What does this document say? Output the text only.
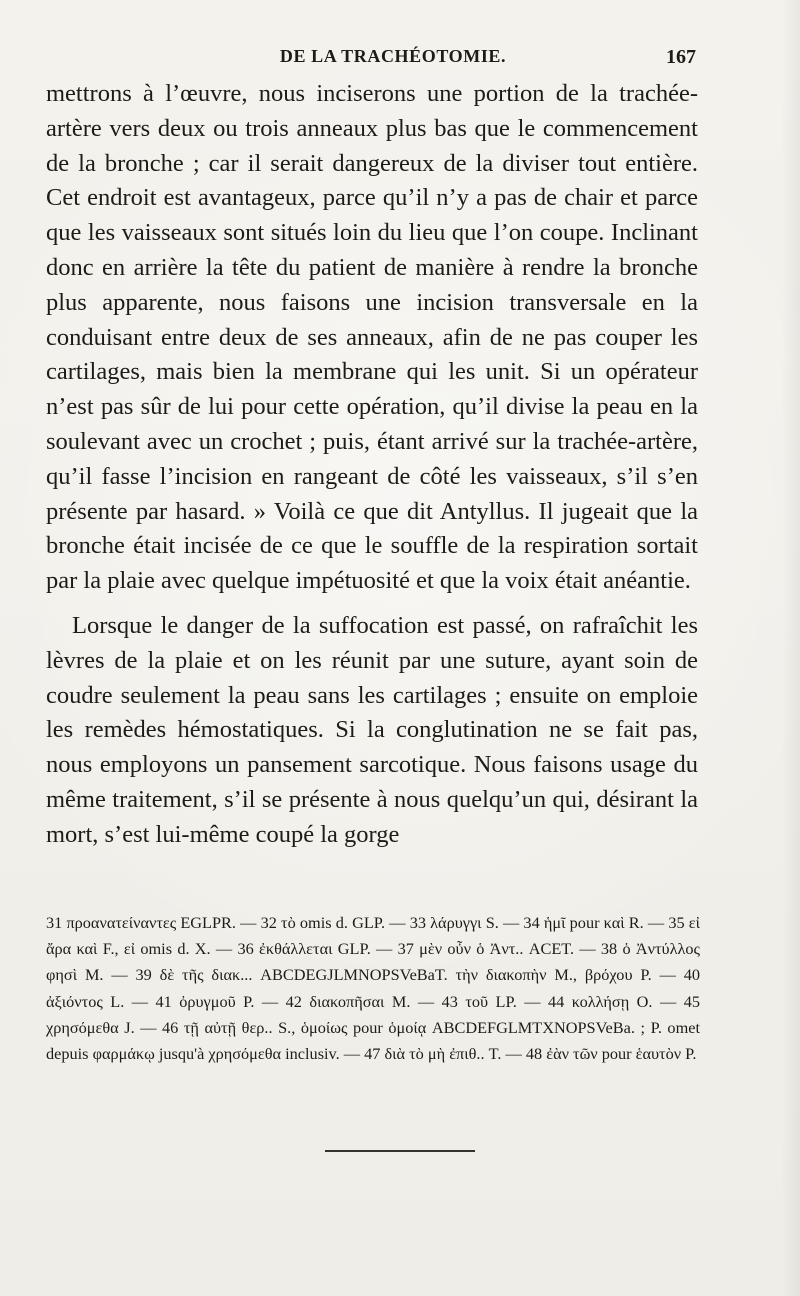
DE LA TRACHÉOTOMIE.	167

mettrons à l’œuvre, nous inciserons une portion de la trachée-artère vers deux ou trois anneaux plus bas que le commencement de la bronche ; car il serait dangereux de la diviser tout entière. Cet endroit est avantageux, parce qu’il n’y a pas de chair et parce que les vaisseaux sont situés loin du lieu que l’on coupe. Inclinant donc en arrière la tête du patient de manière à rendre la bronche plus apparente, nous faisons une incision transversale en la conduisant entre deux de ses anneaux, afin de ne pas couper les cartilages, mais bien la membrane qui les unit. Si un opérateur n’est pas sûr de lui pour cette opération, qu’il divise la peau en la soulevant avec un crochet ; puis, étant arrivé sur la trachée-artère, qu’il fasse l’incision en rangeant de côté les vaisseaux, s’il s’en présente par hasard. » Voilà ce que dit Antyllus. Il jugeait que la bronche était incisée de ce que le souffle de la respiration sortait par la plaie avec quelque impétuosité et que la voix était anéantie.

Lorsque le danger de la suffocation est passé, on rafraîchit les lèvres de la plaie et on les réunit par une suture, ayant soin de coudre seulement la peau sans les cartilages ; ensuite on emploie les remèdes hémostatiques. Si la conglutination ne se fait pas, nous employons un pansement sarcotique. Nous faisons usage du même traitement, s’il se présente à nous quelqu’un qui, désirant la mort, s’est lui-même coupé la gorge

31 προανατείναντες EGLPR. — 32 τὸ omis d. GLP. — 33 λάρυγγι S. — 34 ἡμῖ pour καὶ R. — 35 εἰ ἄρα καὶ F., εἰ omis d. X. — 36 ἐκθάλλεται GLP. — 37 μὲν οὖν ὁ Ἀντ.. ACET. — 38 ὁ Ἀντύλλος φησὶ M. — 39 δὲ τῆς διακ... ABCDEGJLMNOPSVeBaT. τὴν διακοπὴν M., βρόχου P. — 40 ἀξιόντος L. — 41 ὀρυγμοῦ P. — 42 διακοπῆσαι M. — 43 τοῦ LP. — 44 κολλήσῃ O. — 45 χρησόμεθα J. — 46 τῇ αὐτῇ θερ.. S., ὁμοίως pour ὁμοίᾳ ABCDEFGLMTXNOPSVeBa. ; P. omet depuis φαρμάκῳ jusqu'à χρησόμεθα inclusiv. — 47 διὰ τὸ μὴ ἐπιθ.. T. — 48 ἐὰν τῶν pour ἑαυτὸν P.
